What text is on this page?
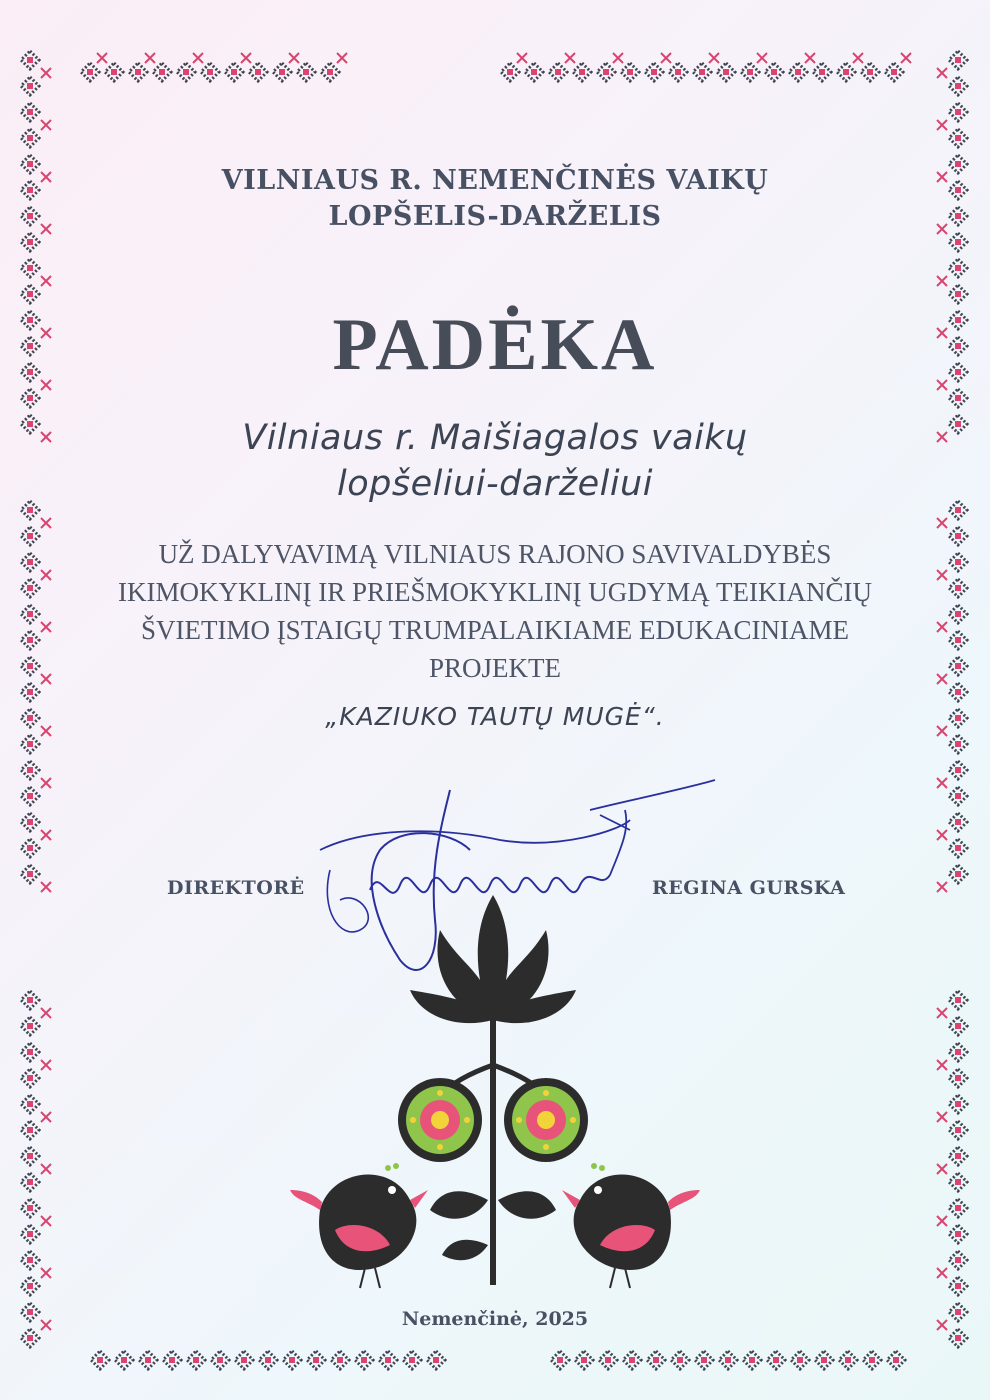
VILNIAUS R. NEMENČINĖS VAIKŲ
LOPŠELIS-DARŽELIS
PADĖKA
Vilniaus r. Maišiagalos vaikų
lopšeliui-darželiui
UŽ DALYVAVIMĄ VILNIAUS RAJONO SAVIVALDYBĖS
IKIMOKYKLINĮ IR PRIEŠMOKYKLINĮ UGDYMĄ TEIKIANČIŲ
ŠVIETIMO ĮSTAIGŲ TRUMPALAIKIAME EDUKACINIAME
PROJEKTE
„KAZIUKO TAUTŲ MUGĖ“.
DIREKTORĖ	REGINA GURSKA
Nemenčinė, 2025
